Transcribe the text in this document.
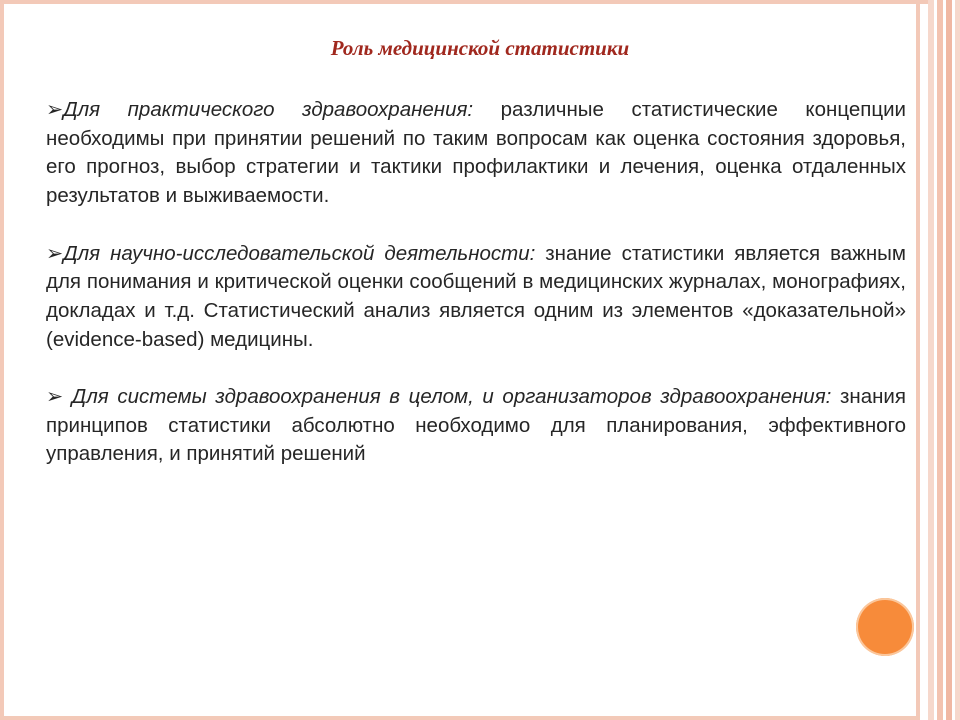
Роль медицинской статистики

➢Для практического здравоохранения: различные статистические концепции необходимы при принятии решений по таким вопросам как оценка состояния здоровья, его прогноз, выбор стратегии и тактики профилактики и лечения, оценка отдаленных результатов и выживаемости.

➢Для научно-исследовательской деятельности: знание статистики является важным для понимания и критической оценки сообщений в медицинских журналах, монографиях, докладах и т.д. Статистический анализ является одним из элементов «доказательной» (evidence-based) медицины.

➢ Для системы здравоохранения в целом, и организаторов здравоохранения: знания принципов статистики абсолютно необходимо для планирования, эффективного управления, и принятий решений
